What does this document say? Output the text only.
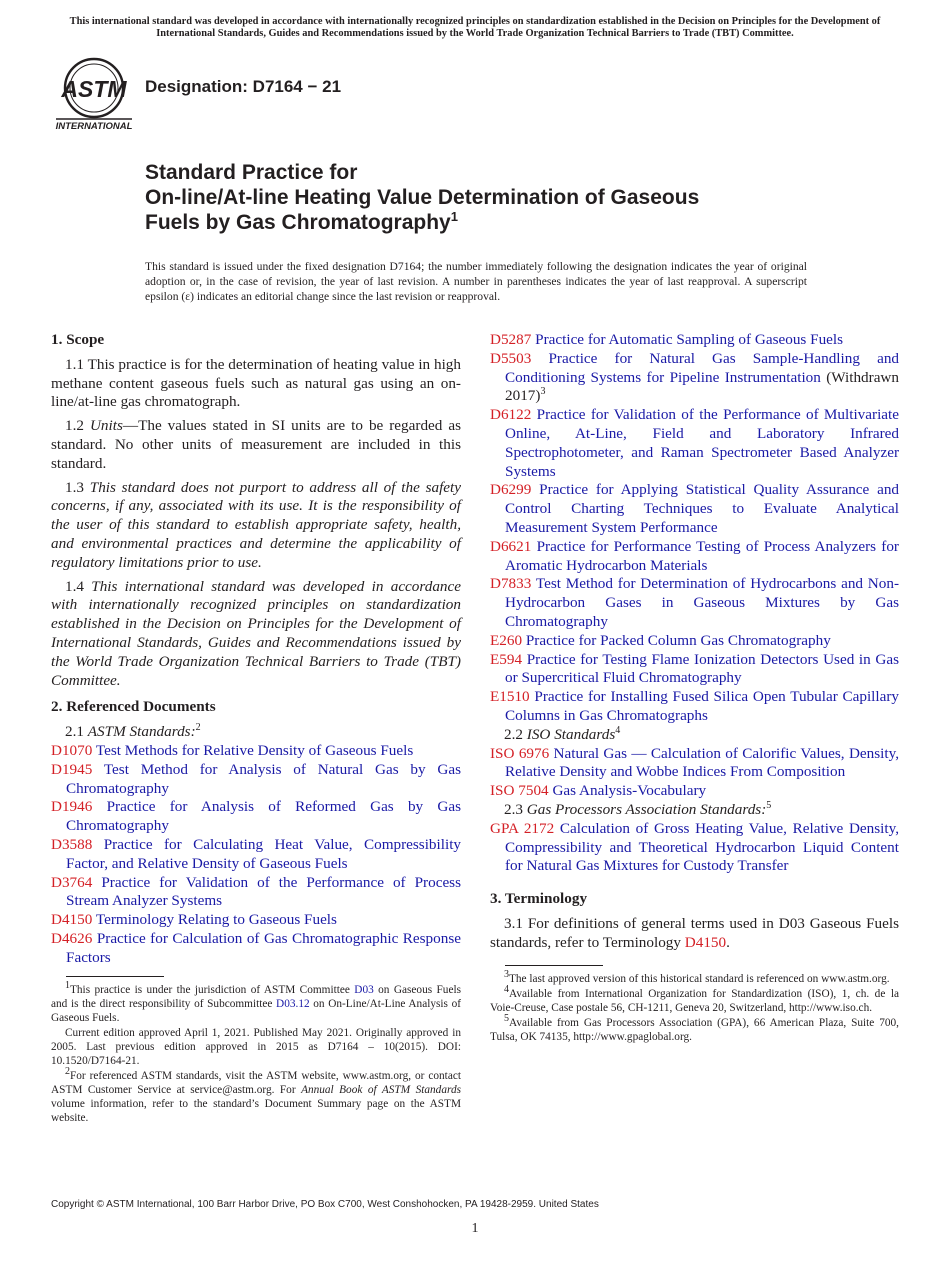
This international standard was developed in accordance with internationally recognized principles on standardization established in the Decision on Principles for the Development of International Standards, Guides and Recommendations issued by the World Trade Organization Technical Barriers to Trade (TBT) Committee.
ASTM
INTERNATIONAL
Designation: D7164 − 21
Standard Practice for
On-line/At-line Heating Value Determination of Gaseous
Fuels by Gas Chromatography$^1$
This standard is issued under the fixed designation D7164; the number immediately following the designation indicates the year of original adoption or, in the case of revision, the year of last revision. A number in parentheses indicates the year of last reapproval. A superscript epsilon (ε) indicates an editorial change since the last revision or reapproval.
1. Scope

1.1 This practice is for the determination of heating value in high methane content gaseous fuels such as natural gas using an on-line/at-line gas chromatograph.

1.2 Units—The values stated in SI units are to be regarded as standard. No other units of measurement are included in this standard.

1.3 This standard does not purport to address all of the safety concerns, if any, associated with its use. It is the responsibility of the user of this standard to establish appropriate safety, health, and environmental practices and determine the applicability of regulatory limitations prior to use.

1.4 This international standard was developed in accordance with internationally recognized principles on standardization established in the Decision on Principles for the Development of International Standards, Guides and Recommendations issued by the World Trade Organization Technical Barriers to Trade (TBT) Committee.

2. Referenced Documents

2.1 ASTM Standards:$^2$

D1070 Test Methods for Relative Density of Gaseous Fuels

D1945 Test Method for Analysis of Natural Gas by Gas Chromatography

D1946 Practice for Analysis of Reformed Gas by Gas Chromatography

D3588 Practice for Calculating Heat Value, Compressibility Factor, and Relative Density of Gaseous Fuels

D3764 Practice for Validation of the Performance of Process Stream Analyzer Systems

D4150 Terminology Relating to Gaseous Fuels

D4626 Practice for Calculation of Gas Chromatographic Response Factors

$^1$This practice is under the jurisdiction of ASTM Committee D03 on Gaseous Fuels and is the direct responsibility of Subcommittee D03.12 on On-Line/At-Line Analysis of Gaseous Fuels.

Current edition approved April 1, 2021. Published May 2021. Originally approved in 2005. Last previous edition approved in 2015 as D7164 – 10(2015). DOI: 10.1520/D7164-21.

$^2$For referenced ASTM standards, visit the ASTM website, www.astm.org, or contact ASTM Customer Service at service@astm.org. For Annual Book of ASTM Standards volume information, refer to the standard’s Document Summary page on the ASTM website.

D5287 Practice for Automatic Sampling of Gaseous Fuels

D5503 Practice for Natural Gas Sample-Handling and Conditioning Systems for Pipeline Instrumentation (Withdrawn 2017)$^3$

D6122 Practice for Validation of the Performance of Multivariate Online, At-Line, Field and Laboratory Infrared Spectrophotometer, and Raman Spectrometer Based Analyzer Systems

D6299 Practice for Applying Statistical Quality Assurance and Control Charting Techniques to Evaluate Analytical Measurement System Performance

D6621 Practice for Performance Testing of Process Analyzers for Aromatic Hydrocarbon Materials

D7833 Test Method for Determination of Hydrocarbons and Non-Hydrocarbon Gases in Gaseous Mixtures by Gas Chromatography

E260 Practice for Packed Column Gas Chromatography

E594 Practice for Testing Flame Ionization Detectors Used in Gas or Supercritical Fluid Chromatography

E1510 Practice for Installing Fused Silica Open Tubular Capillary Columns in Gas Chromatographs

2.2 ISO Standards$^4$

ISO 6976 Natural Gas — Calculation of Calorific Values, Density, Relative Density and Wobbe Indices From Composition

ISO 7504 Gas Analysis-Vocabulary

2.3 Gas Processors Association Standards:$^5$

GPA 2172 Calculation of Gross Heating Value, Relative Density, Compressibility and Theoretical Hydrocarbon Liquid Content for Natural Gas Mixtures for Custody Transfer

3. Terminology

3.1 For definitions of general terms used in D03 Gaseous Fuels standards, refer to Terminology D4150.

$^3$The last approved version of this historical standard is referenced on www.astm.org.

$^4$Available from International Organization for Standardization (ISO), 1, ch. de la Voie-Creuse, Case postale 56, CH-1211, Geneva 20, Switzerland, http://www.iso.ch.

$^5$Available from Gas Processors Association (GPA), 66 American Plaza, Suite 700, Tulsa, OK 74135, http://www.gpaglobal.org.

Copyright © ASTM International, 100 Barr Harbor Drive, PO Box C700, West Conshohocken, PA 19428-2959. United States
1
